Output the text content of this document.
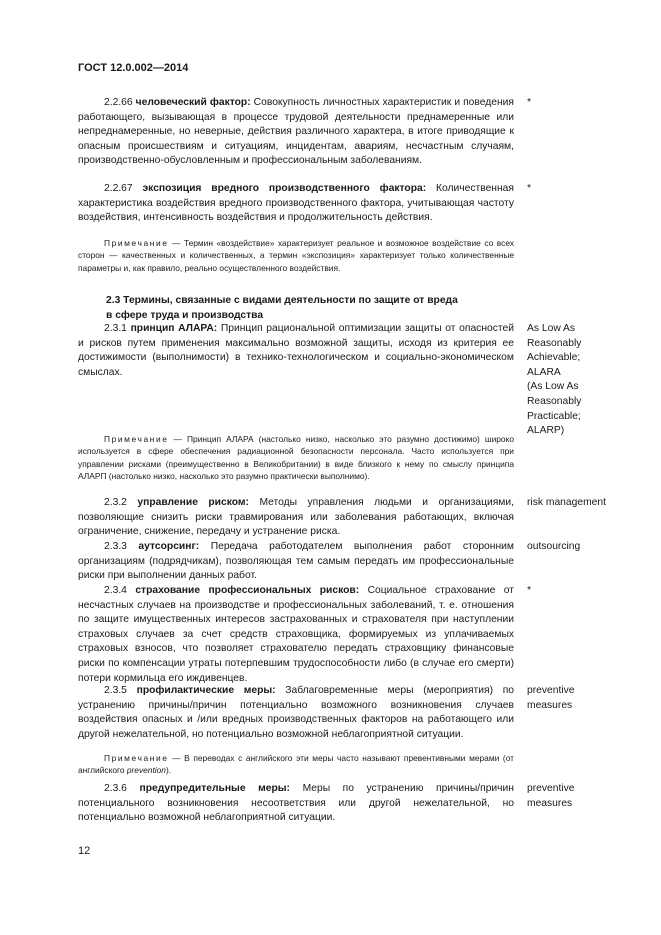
ГОСТ 12.0.002—2014
2.2.66 человеческий фактор: Совокупность личностных характеристик и поведения работающего, вызывающая в процессе трудовой деятельности преднамеренные или непреднамеренные, но неверные, действия различного характера, в итоге приводящие к опасным происшествиям и ситуациям, инцидентам, авариям, несчастным случаям, производственно-обусловленным и профессиональным заболеваниям.
*
2.2.67 экспозиция вредного производственного фактора: Количественная характеристика воздействия вредного производственного фактора, учитывающая частоту воздействия, интенсивность воздействия и продолжительность действия.
*
Примечание — Термин «воздействие» характеризует реальное и возможное воздействие со всех сторон — качественных и количественных, а термин «экспозиция» характеризует только количественные параметры и, как правило, реально осуществленного воздействия.
2.3 Термины, связанные с видами деятельности по защите от вреда
в сфере труда и производства
2.3.1 принцип АЛАРА: Принцип рациональной оптимизации защиты от опасностей и рисков путем применения максимально возможной защиты, исходя из критерия ее достижимости (выполнимости) в технико-технологическом и социально-экономическом смыслах.
As Low As
Reasonably
Achievable;
ALARA
(As Low As
Reasonably
Practicable;
ALARP)
Примечание — Принцип АЛАРА (настолько низко, насколько это разумно достижимо) широко используется в сфере обеспечения радиационной безопасности персонала. Часто используется при управлении рисками (преимущественно в Великобритании) в виде близкого к нему по смыслу принципа АЛАРП (настолько низко, насколько это разумно практически выполнимо).
2.3.2 управление риском: Методы управления людьми и организациями, позволяющие снизить риски травмирования или заболевания работающих, включая ограничение, снижение, передачу и устранение риска.
risk management
2.3.3 аутсорсинг: Передача работодателем выполнения работ сторонним организациям (подрядчикам), позволяющая тем самым передать им профессиональные риски при выполнении данных работ.
outsourcing
2.3.4 страхование профессиональных рисков: Социальное страхование от несчастных случаев на производстве и профессиональных заболеваний, т. е. отношения по защите имущественных интересов застрахованных и страхователя при наступлении страховых случаев за счет средств страховщика, формируемых из уплачиваемых страховых взносов, что позволяет страхователю передать страховщику финансовые риски по компенсации утраты потерпевшим трудоспособности либо (в случае его смерти) потери кормильца его иждивенцев.
*
2.3.5 профилактические меры: Заблаговременные меры (мероприятия) по устранению причины/причин потенциально возможного возникновения случаев воздействия опасных и /или вредных производственных факторов на работающего или другой нежелательной, но потенциально возможной неблагоприятной ситуации.
preventive measures
Примечание — В переводах с английского эти меры часто называют превентивными мерами (от английского prevention).
2.3.6 предупредительные меры: Меры по устранению причины/причин потенциального возникновения несоответствия или другой нежелательной, но потенциально возможной неблагоприятной ситуации.
preventive measures
12
